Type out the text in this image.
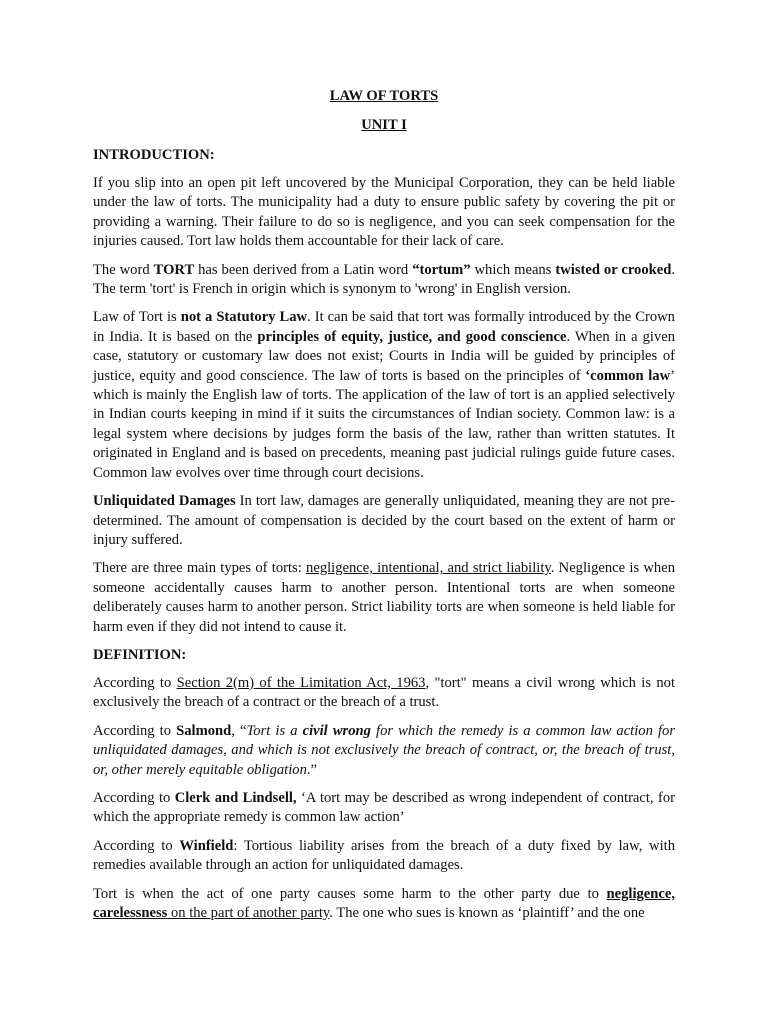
LAW OF TORTS
UNIT I
INTRODUCTION:

If you slip into an open pit left uncovered by the Municipal Corporation, they can be held liable under the law of torts. The municipality had a duty to ensure public safety by covering the pit or providing a warning. Their failure to do so is negligence, and you can seek compensation for the injuries caused. Tort law holds them accountable for their lack of care.

The word TORT has been derived from a Latin word “tortum” which means twisted or crooked. The term 'tort' is French in origin which is synonym to 'wrong' in English version.

Law of Tort is not a Statutory Law. It can be said that tort was formally introduced by the Crown in India. It is based on the principles of equity, justice, and good conscience. When in a given case, statutory or customary law does not exist; Courts in India will be guided by principles of justice, equity and good conscience. The law of torts is based on the principles of ‘common law’ which is mainly the English law of torts. The application of the law of tort is an applied selectively in Indian courts keeping in mind if it suits the circumstances of Indian society. Common law: is a legal system where decisions by judges form the basis of the law, rather than written statutes. It originated in England and is based on precedents, meaning past judicial rulings guide future cases. Common law evolves over time through court decisions.

Unliquidated Damages In tort law, damages are generally unliquidated, meaning they are not pre-determined. The amount of compensation is decided by the court based on the extent of harm or injury suffered.

There are three main types of torts: negligence, intentional, and strict liability. Negligence is when someone accidentally causes harm to another person. Intentional torts are when someone deliberately causes harm to another person. Strict liability torts are when someone is held liable for harm even if they did not intend to cause it.

DEFINITION:

According to Section 2(m) of the Limitation Act, 1963, "tort" means a civil wrong which is not exclusively the breach of a contract or the breach of a trust.

According to Salmond, “Tort is a civil wrong for which the remedy is a common law action for unliquidated damages, and which is not exclusively the breach of contract, or, the breach of trust, or, other merely equitable obligation.”

According to Clerk and Lindsell, ‘A tort may be described as wrong independent of contract, for which the appropriate remedy is common law action’

According to Winfield: Tortious liability arises from the breach of a duty fixed by law, with remedies available through an action for unliquidated damages.

Tort is when the act of one party causes some harm to the other party due to negligence, carelessness on the part of another party. The one who sues is known as ‘plaintiff’ and the one
